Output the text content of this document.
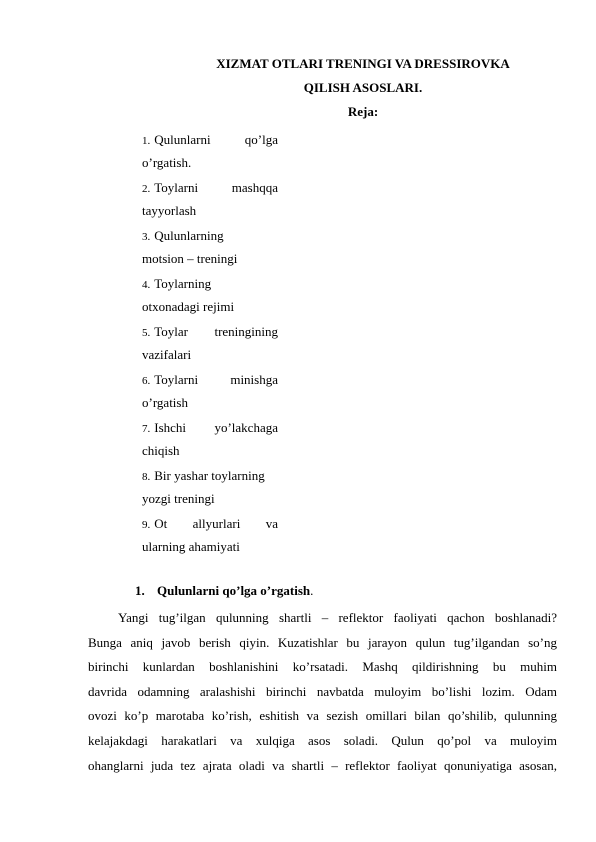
XIZMAT OTLARI TRENINGI VA DRESSIROVKA
QILISH ASOSLARI.
Reja:
1. Qulunlarni	qo’lga
o’rgatish.
2. Toylarni	mashqqa
tayyorlash
3. Qulunlarning
motsion – treningi
4. Toylarning
otxonadagi rejimi
5. Toylar treningining
vazifalari
6. Toylarni minishga
o’rgatish
7. Ishchi yo’lakchaga
chiqish
8. Bir yashar toylarning
yozgi treningi
9. Ot allyurlari va
ularning ahamiyati
1. Qulunlarni qo’lga o’rgatish.
Yangi tug’ilgan qulunning shartli – reflektor faoliyati qachon boshlanadi?
Bunga aniq javob berish qiyin. Kuzatishlar bu jarayon qulun tug’ilgandan so’ng
birinchi kunlardan boshlanishini ko’rsatadi. Mashq qildirishning bu muhim
davrida odamning aralashishi birinchi navbatda muloyim bo’lishi lozim. Odam
ovozi ko’p marotaba ko’rish, eshitish va sezish omillari bilan qo’shilib, qulunning
kelajakdagi harakatlari va xulqiga asos soladi. Qulun qo’pol va muloyim
ohanglarni juda tez ajrata oladi va shartli – reflektor faoliyat qonuniyatiga asosan,
